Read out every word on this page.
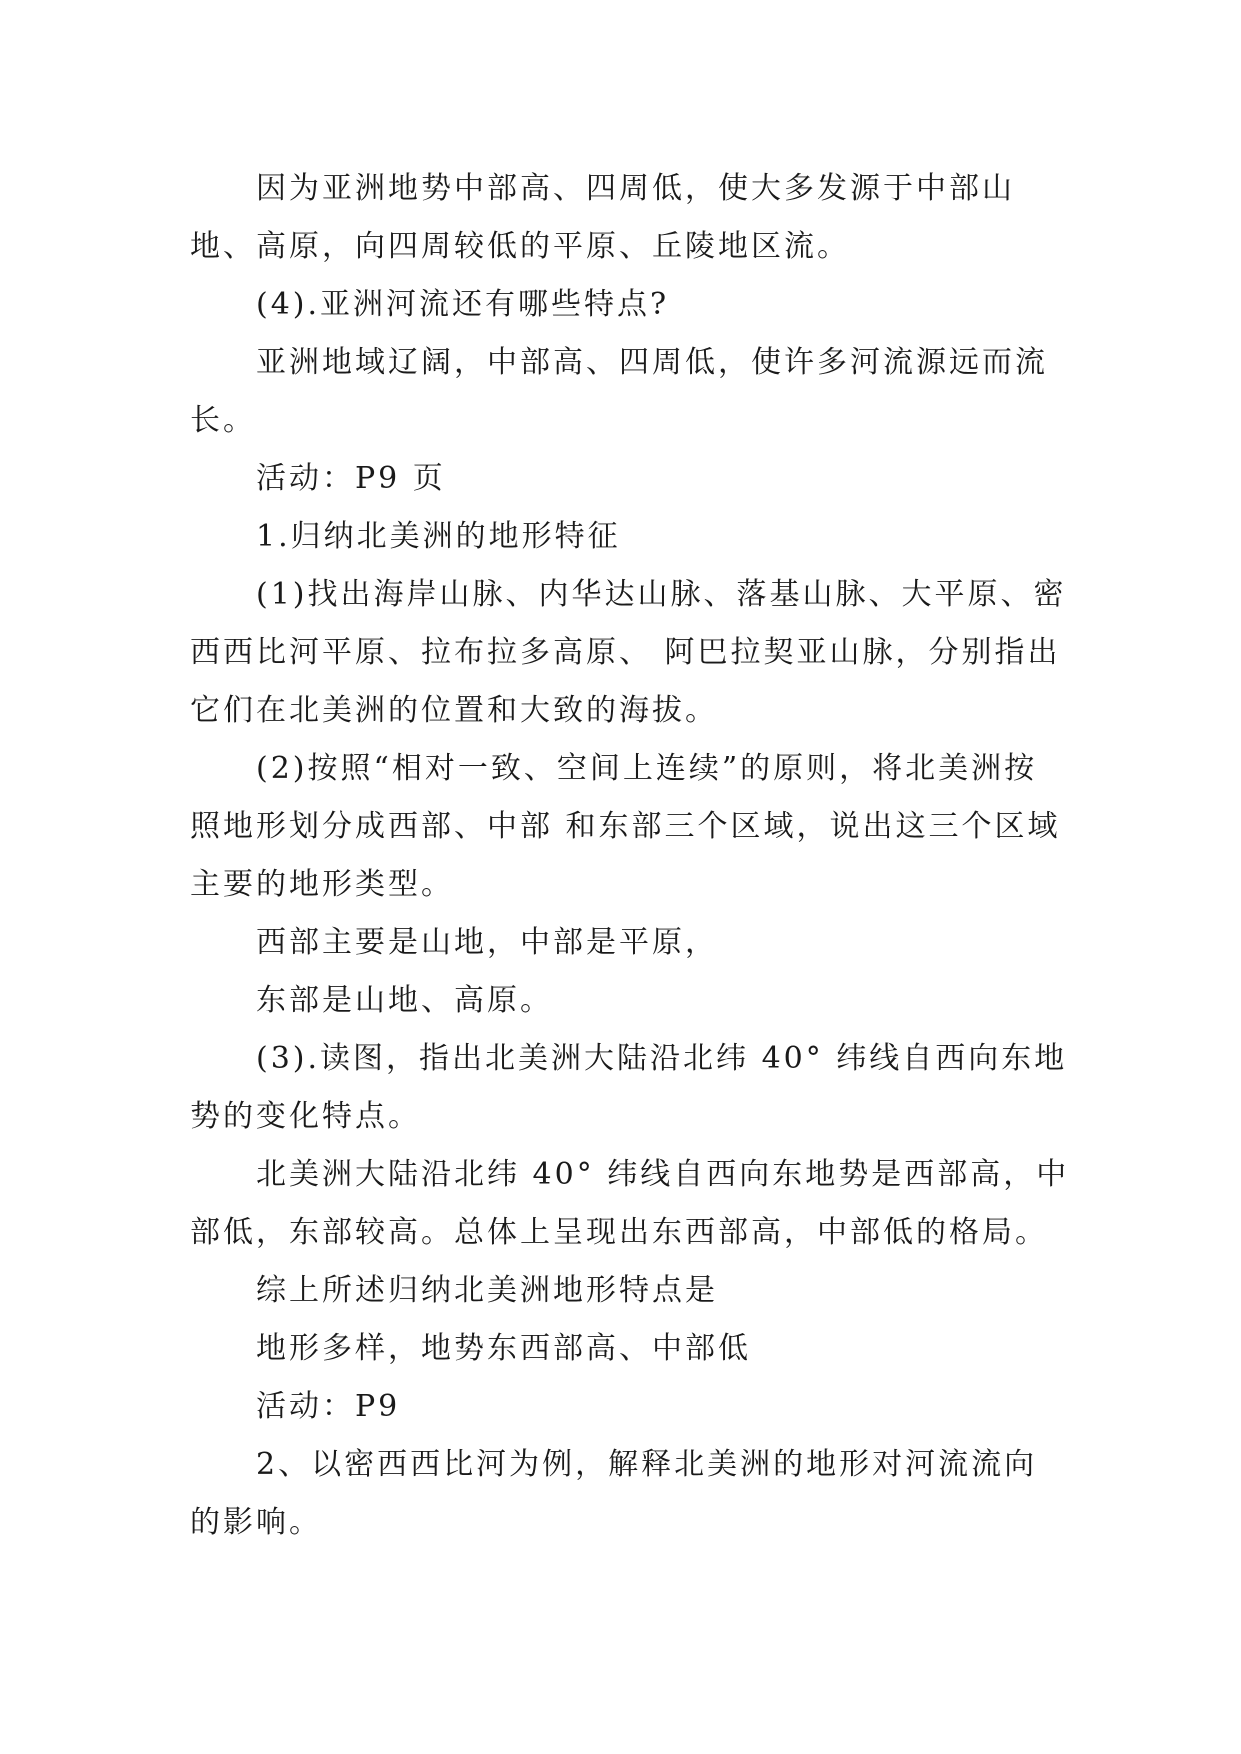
因为亚洲地势中部高、四周低，使大多发源于中部山地、高原，向四周较低的平原、丘陵地区流。

(4).亚洲河流还有哪些特点?

亚洲地域辽阔，中部高、四周低，使许多河流源远而流长。

活动：P9 页

1.归纳北美洲的地形特征

(1)找出海岸山脉、内华达山脉、落基山脉、大平原、密西西比河平原、拉布拉多高原、 阿巴拉契亚山脉，分别指出它们在北美洲的位置和大致的海拔。

(2)按照“相对一致、空间上连续”的原则，将北美洲按照地形划分成西部、中部 和东部三个区域，说出这三个区域主要的地形类型。

西部主要是山地，中部是平原，

东部是山地、高原。

(3).读图，指出北美洲大陆沿北纬 40° 纬线自西向东地势的变化特点。

北美洲大陆沿北纬 40° 纬线自西向东地势是西部高，中部低，东部较高。总体上呈现出东西部高，中部低的格局。

综上所述归纳北美洲地形特点是

地形多样，地势东西部高、中部低

活动：P9

2、以密西西比河为例，解释北美洲的地形对河流流向的影响。
